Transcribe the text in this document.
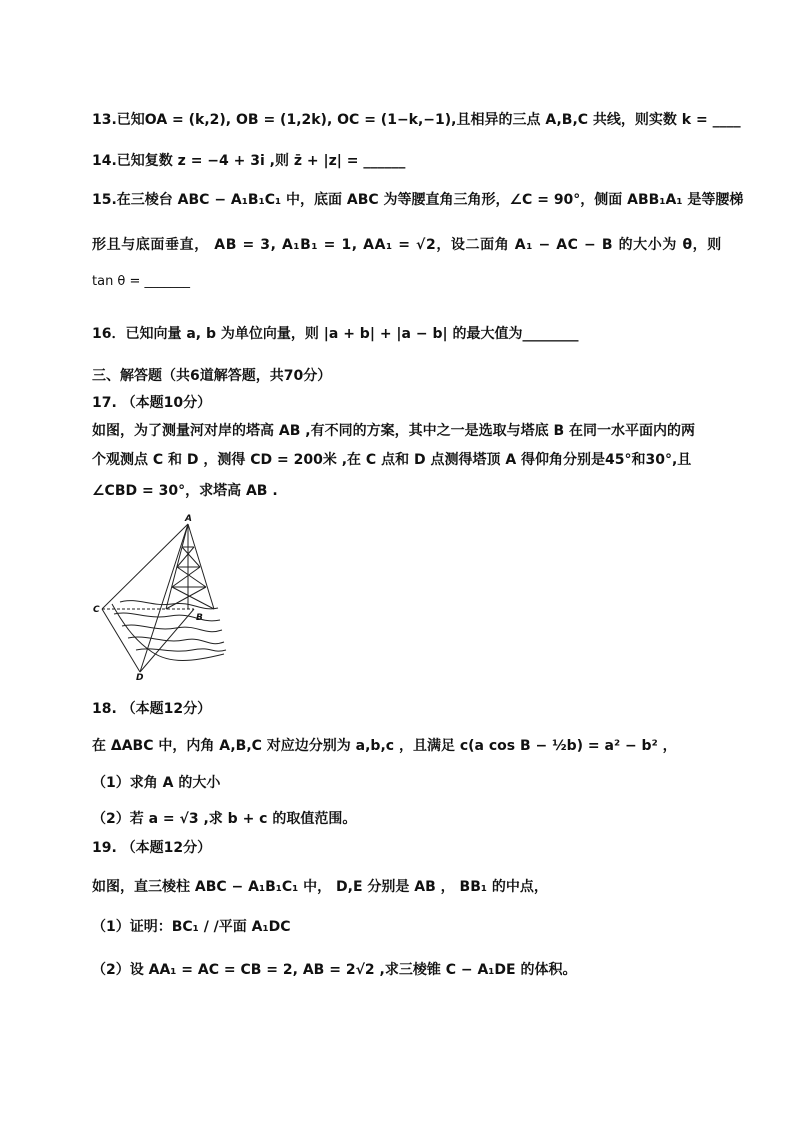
13.已知OA = (k,2), OB = (1,2k), OC = (1−k,−1),且相异的三点 A,B,C 共线，则实数 k = ____
14.已知复数 z = −4 + 3i ,则 z̄ + |z| = ______
15.在三棱台 ABC − A₁B₁C₁ 中，底面 ABC 为等腰直角三角形，∠C = 90°，侧面 ABB₁A₁ 是等腰梯
形且与底面垂直， AB = 3, A₁B₁ = 1, AA₁ = √2，设二面角 A₁ − AC − B 的大小为 θ，则
tan θ = _______
16．已知向量 a, b 为单位向量，则 |a + b| + |a − b| 的最大值为________
三、解答题（共6道解答题，共70分）
17. （本题10分）
如图，为了测量河对岸的塔高 AB ,有不同的方案，其中之一是选取与塔底 B 在同一水平面内的两
个观测点 C 和 D ，测得 CD = 200米 ,在 C 点和 D 点测得塔顶 A 得仰角分别是45°和30°,且
∠CBD = 30°，求塔高 AB .
A
B
C
D
18. （本题12分）
在 ΔABC 中，内角 A,B,C 对应边分别为 a,b,c ，且满足 c(a cos B − ½b) = a² − b² ，
（1）求角 A 的大小
（2）若 a = √3 ,求 b + c 的取值范围。
19. （本题12分）
如图，直三棱柱 ABC − A₁B₁C₁ 中， D,E 分别是 AB ， BB₁ 的中点，
（1）证明：BC₁ / /平面 A₁DC
（2）设 AA₁ = AC = CB = 2, AB = 2√2 ,求三棱锥 C − A₁DE 的体积。
